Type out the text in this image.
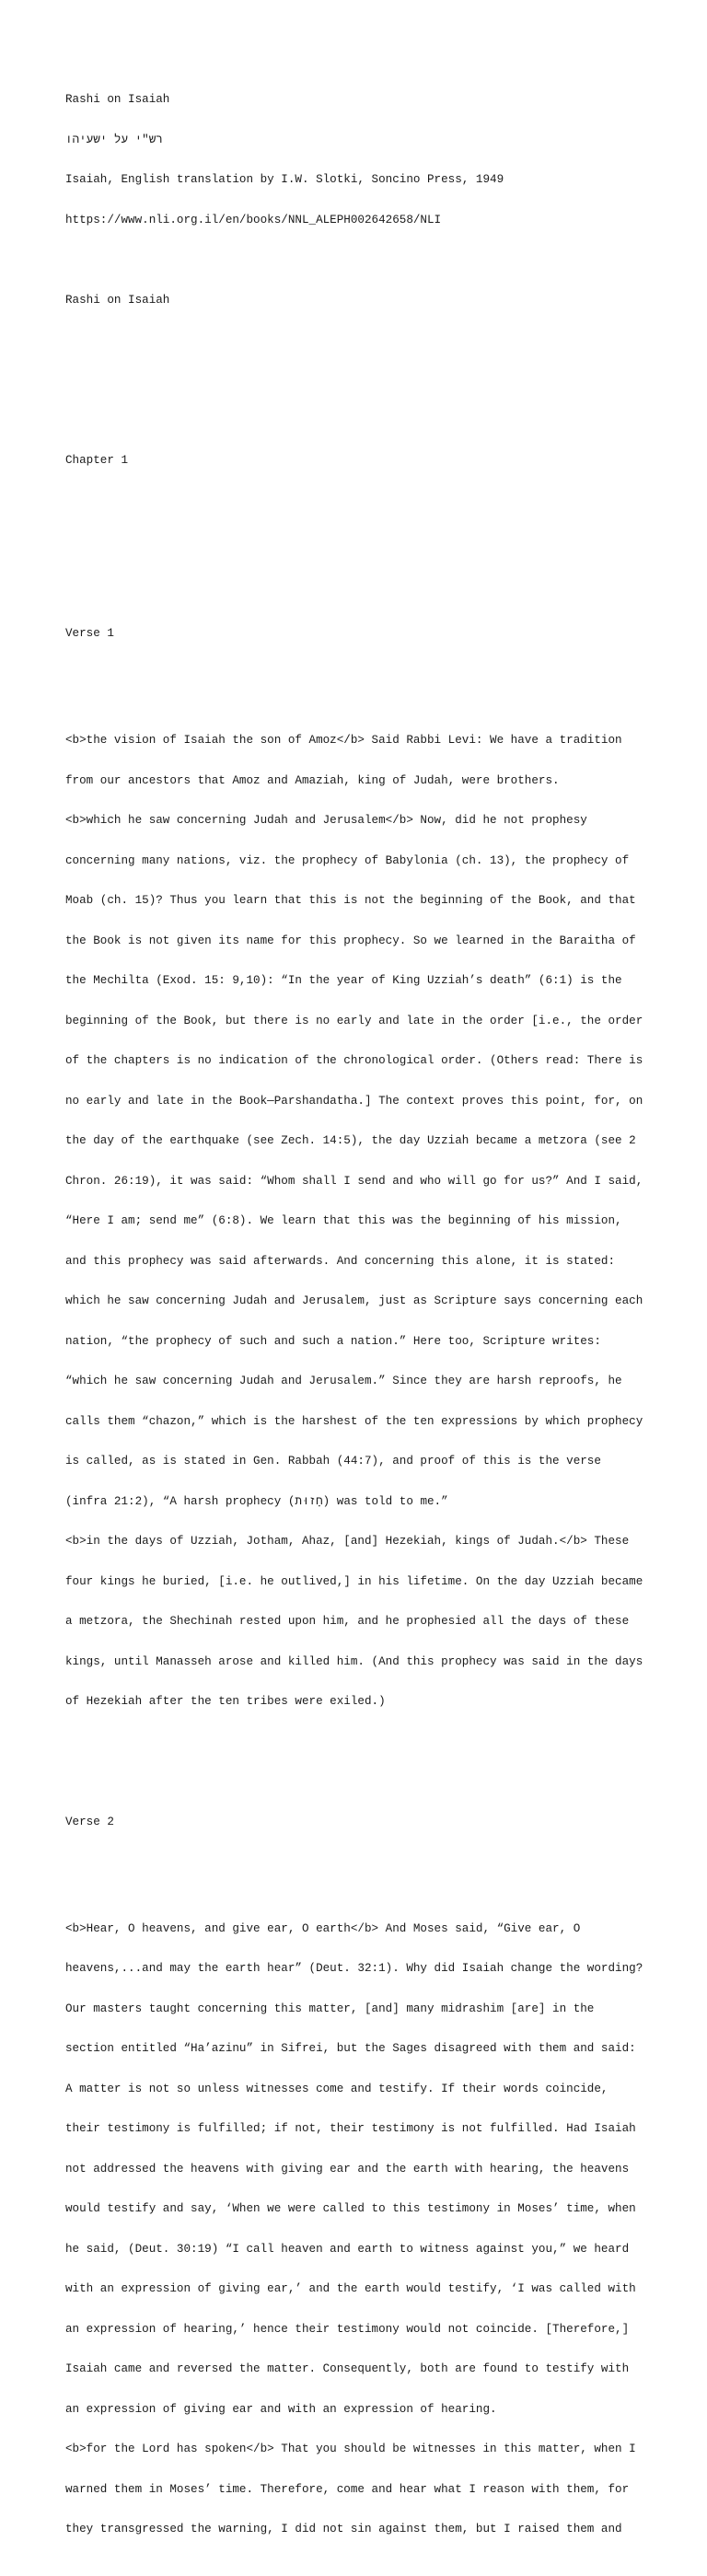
Rashi on Isaiah

רש"י על ישעיהו

Isaiah, English translation by I.W. Slotki, Soncino Press, 1949

https://www.nli.org.il/en/books/NNL_ALEPH002642658/NLI

Rashi on Isaiah

Chapter 1

Verse 1

<b>the vision of Isaiah the son of Amoz</b> Said Rabbi Levi: We have a tradition

from our ancestors that Amoz and Amaziah, king of Judah, were brothers.

<b>which he saw concerning Judah and Jerusalem</b> Now, did he not prophesy

concerning many nations, viz. the prophecy of Babylonia (ch. 13), the prophecy of

Moab (ch. 15)? Thus you learn that this is not the beginning of the Book, and that

the Book is not given its name for this prophecy. So we learned in the Baraitha of

the Mechilta (Exod. 15: 9,10): “In the year of King Uzziah’s death” (6:1) is the

beginning of the Book, but there is no early and late in the order [i.e., the order

of the chapters is no indication of the chronological order. (Others read: There is

no early and late in the Book—Parshandatha.] The context proves this point, for, on

the day of the earthquake (see Zech. 14:5), the day Uzziah became a metzora (see 2

Chron. 26:19), it was said: “Whom shall I send and who will go for us?” And I said,

“Here I am; send me” (6:8). We learn that this was the beginning of his mission,

and this prophecy was said afterwards. And concerning this alone, it is stated:

which he saw concerning Judah and Jerusalem, just as Scripture says concerning each

nation, “the prophecy of such and such a nation.” Here too, Scripture writes:

“which he saw concerning Judah and Jerusalem.” Since they are harsh reproofs, he

calls them “chazon,” which is the harshest of the ten expressions by which prophecy

is called, as is stated in Gen. Rabbah (44:7), and proof of this is the verse

(infra 21:2), “A harsh prophecy (חָזוּת) was told to me.”

<b>in the days of Uzziah, Jotham, Ahaz, [and] Hezekiah, kings of Judah.</b> These

four kings he buried, [i.e. he outlived,] in his lifetime. On the day Uzziah became

a metzora, the Shechinah rested upon him, and he prophesied all the days of these

kings, until Manasseh arose and killed him. (And this prophecy was said in the days

of Hezekiah after the ten tribes were exiled.)

Verse 2

<b>Hear, O heavens, and give ear, O earth</b> And Moses said, “Give ear, O

heavens,...and may the earth hear” (Deut. 32:1). Why did Isaiah change the wording?

Our masters taught concerning this matter, [and] many midrashim [are] in the

section entitled “Ha’azinu” in Sifrei, but the Sages disagreed with them and said:

A matter is not so unless witnesses come and testify. If their words coincide,

their testimony is fulfilled; if not, their testimony is not fulfilled. Had Isaiah

not addressed the heavens with giving ear and the earth with hearing, the heavens

would testify and say, ‘When we were called to this testimony in Moses’ time, when

he said, (Deut. 30:19) “I call heaven and earth to witness against you,” we heard

with an expression of giving ear,’ and the earth would testify, ‘I was called with

an expression of hearing,’ hence their testimony would not coincide. [Therefore,]

Isaiah came and reversed the matter. Consequently, both are found to testify with

an expression of giving ear and with an expression of hearing.

<b>for the Lord has spoken</b> That you should be witnesses in this matter, when I

warned them in Moses’ time. Therefore, come and hear what I reason with them, for

they transgressed the warning, I did not sin against them, but I raised them and
